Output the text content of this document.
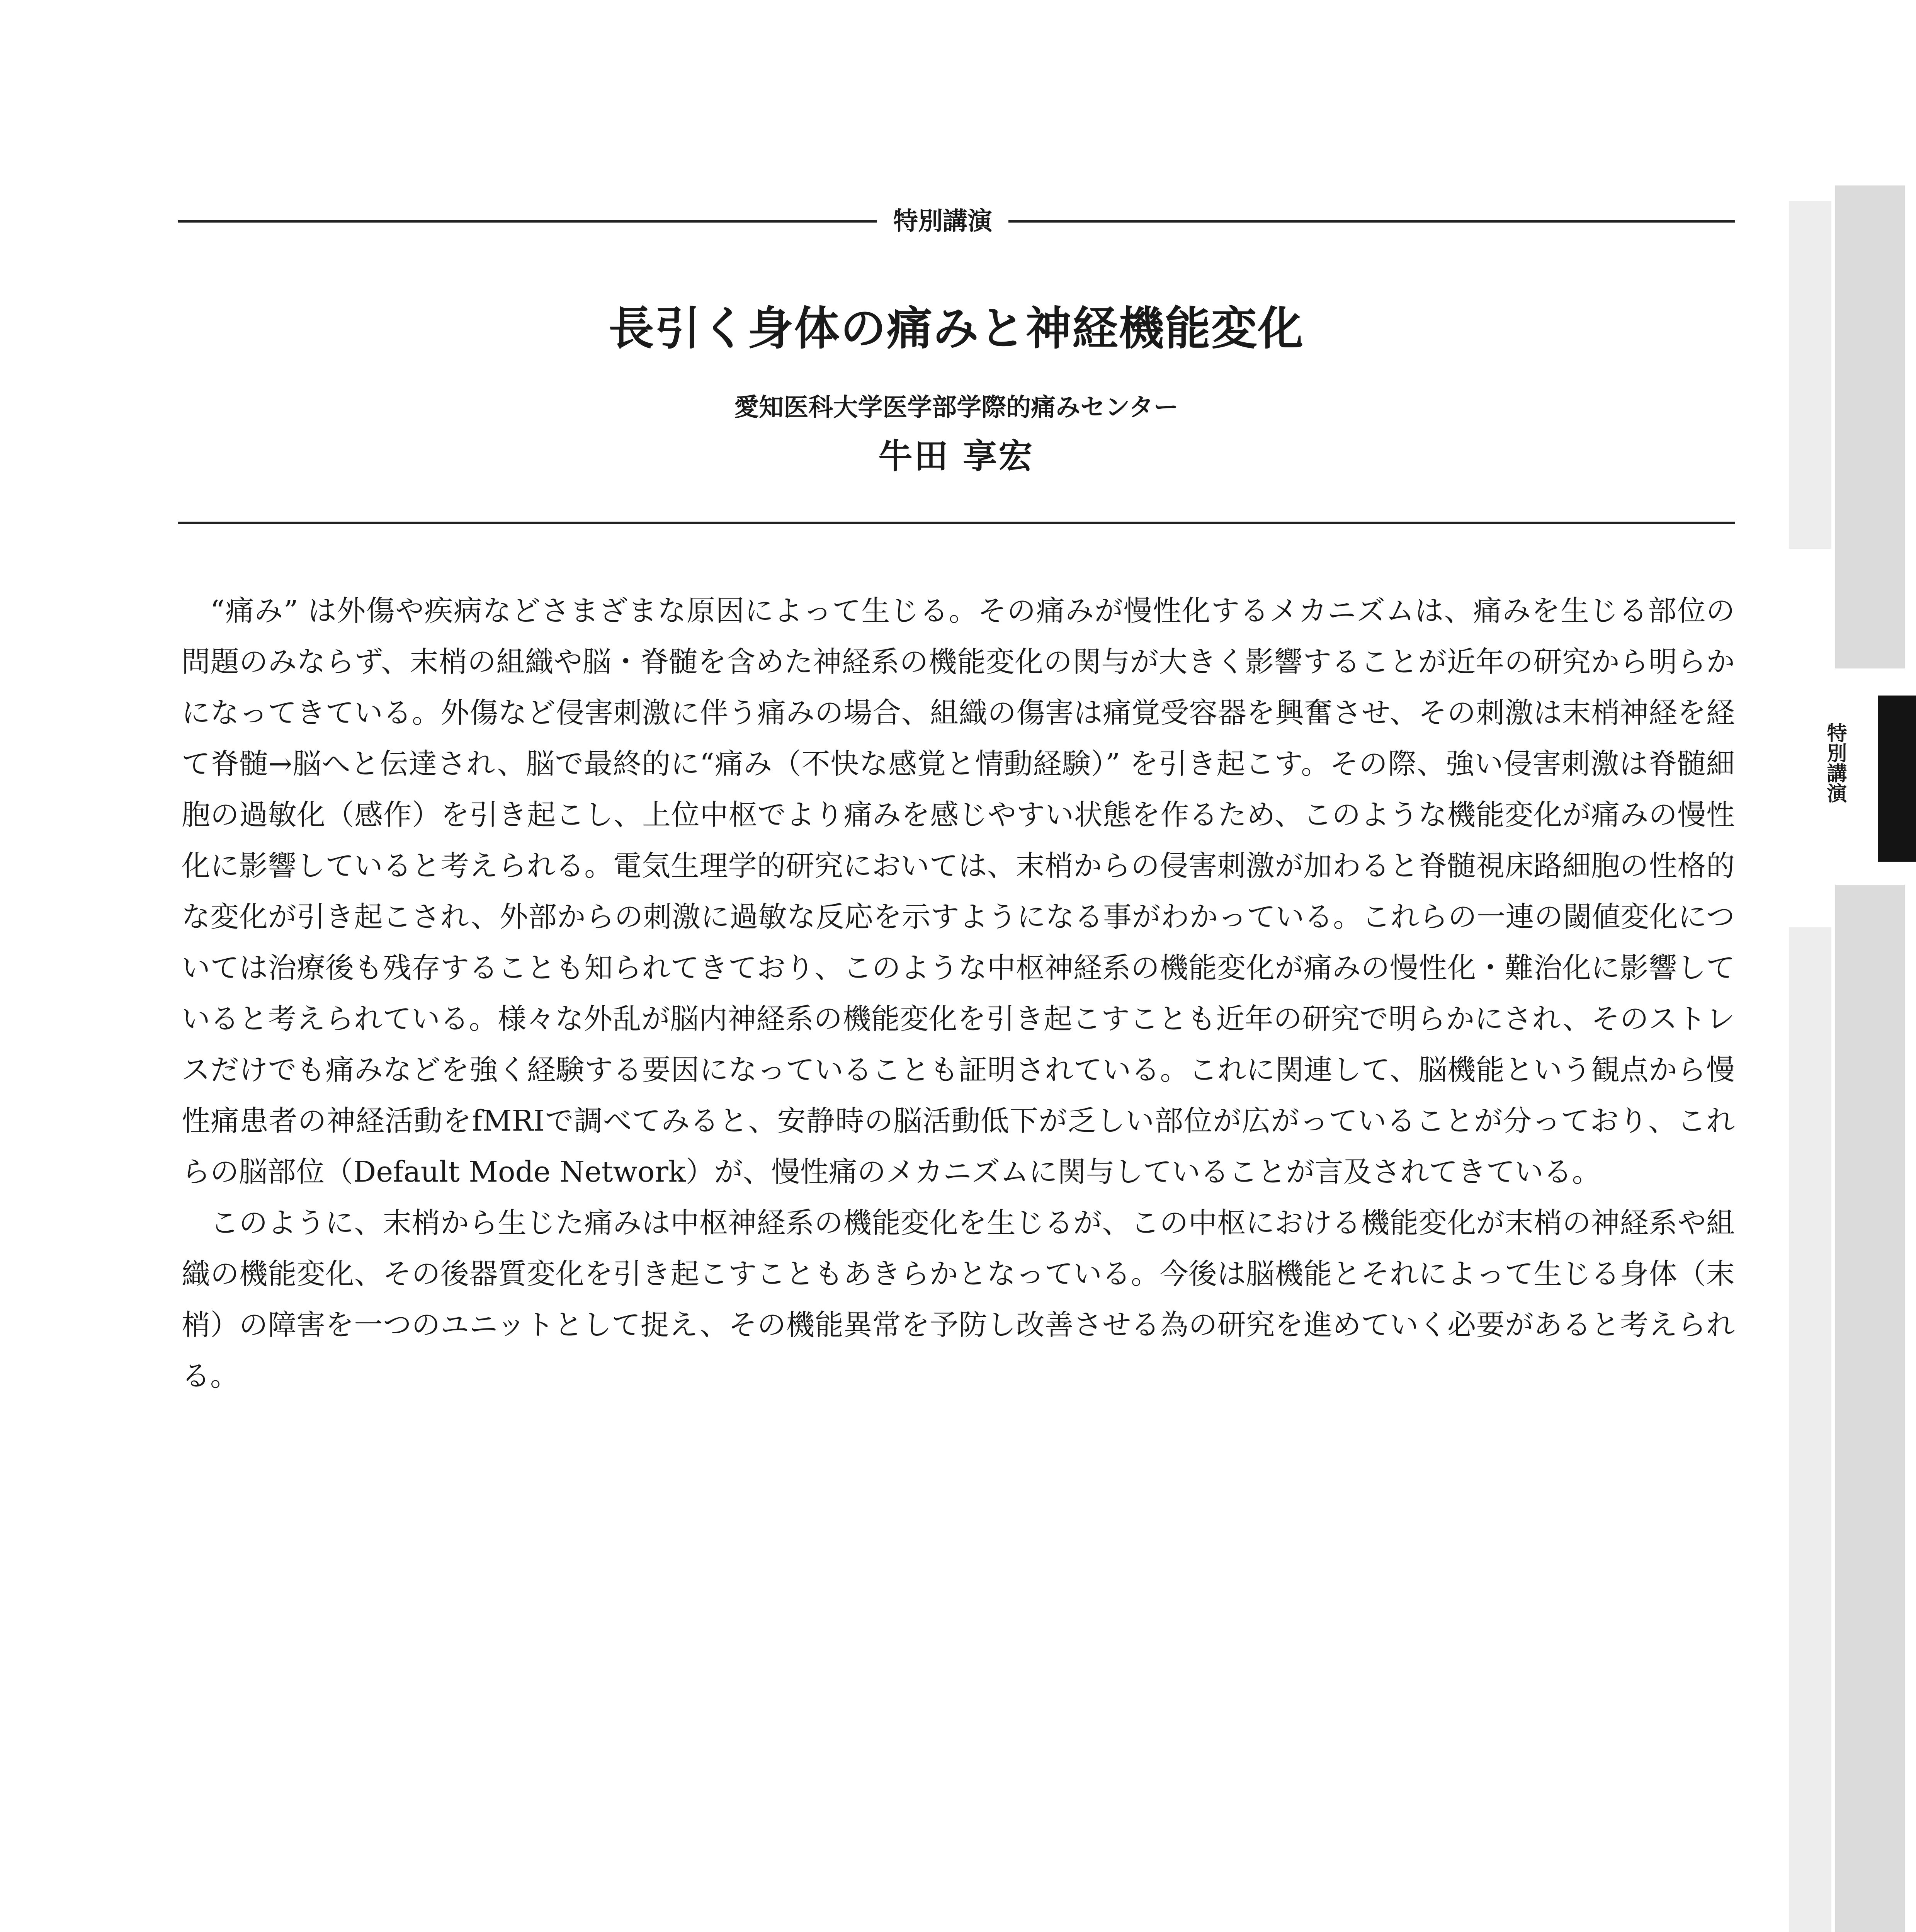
特別講演
長引く身体の痛みと神経機能変化
愛知医科大学医学部学際的痛みセンター
牛田 享宏

“痛み” は外傷や疾病などさまざまな原因によって生じる。その痛みが慢性化するメカニズムは、痛みを生じる部位の問題のみならず、末梢の組織や脳・脊髄を含めた神経系の機能変化の関与が大きく影響することが近年の研究から明らかになってきている。外傷など侵害刺激に伴う痛みの場合、組織の傷害は痛覚受容器を興奮させ、その刺激は末梢神経を経て脊髄→脳へと伝達され、脳で最終的に“痛み（不快な感覚と情動経験）” を引き起こす。その際、強い侵害刺激は脊髄細胞の過敏化（感作）を引き起こし、上位中枢でより痛みを感じやすい状態を作るため、このような機能変化が痛みの慢性化に影響していると考えられる。電気生理学的研究においては、末梢からの侵害刺激が加わると脊髄視床路細胞の性格的な変化が引き起こされ、外部からの刺激に過敏な反応を示すようになる事がわかっている。これらの一連の閾値変化については治療後も残存することも知られてきており、このような中枢神経系の機能変化が痛みの慢性化・難治化に影響していると考えられている。様々な外乱が脳内神経系の機能変化を引き起こすことも近年の研究で明らかにされ、そのストレスだけでも痛みなどを強く経験する要因になっていることも証明されている。これに関連して、脳機能という観点から慢性痛患者の神経活動をfMRIで調べてみると、安静時の脳活動低下が乏しい部位が広がっていることが分っており、これらの脳部位（Default Mode Network）が、慢性痛のメカニズムに関与していることが言及されてきている。

このように、末梢から生じた痛みは中枢神経系の機能変化を生じるが、この中枢における機能変化が末梢の神経系や組織の機能変化、その後器質変化を引き起こすこともあきらかとなっている。今後は脳機能とそれによって生じる身体（末梢）の障害を一つのユニットとして捉え、その機能異常を予防し改善させる為の研究を進めていく必要があると考えられる。

特別講演
